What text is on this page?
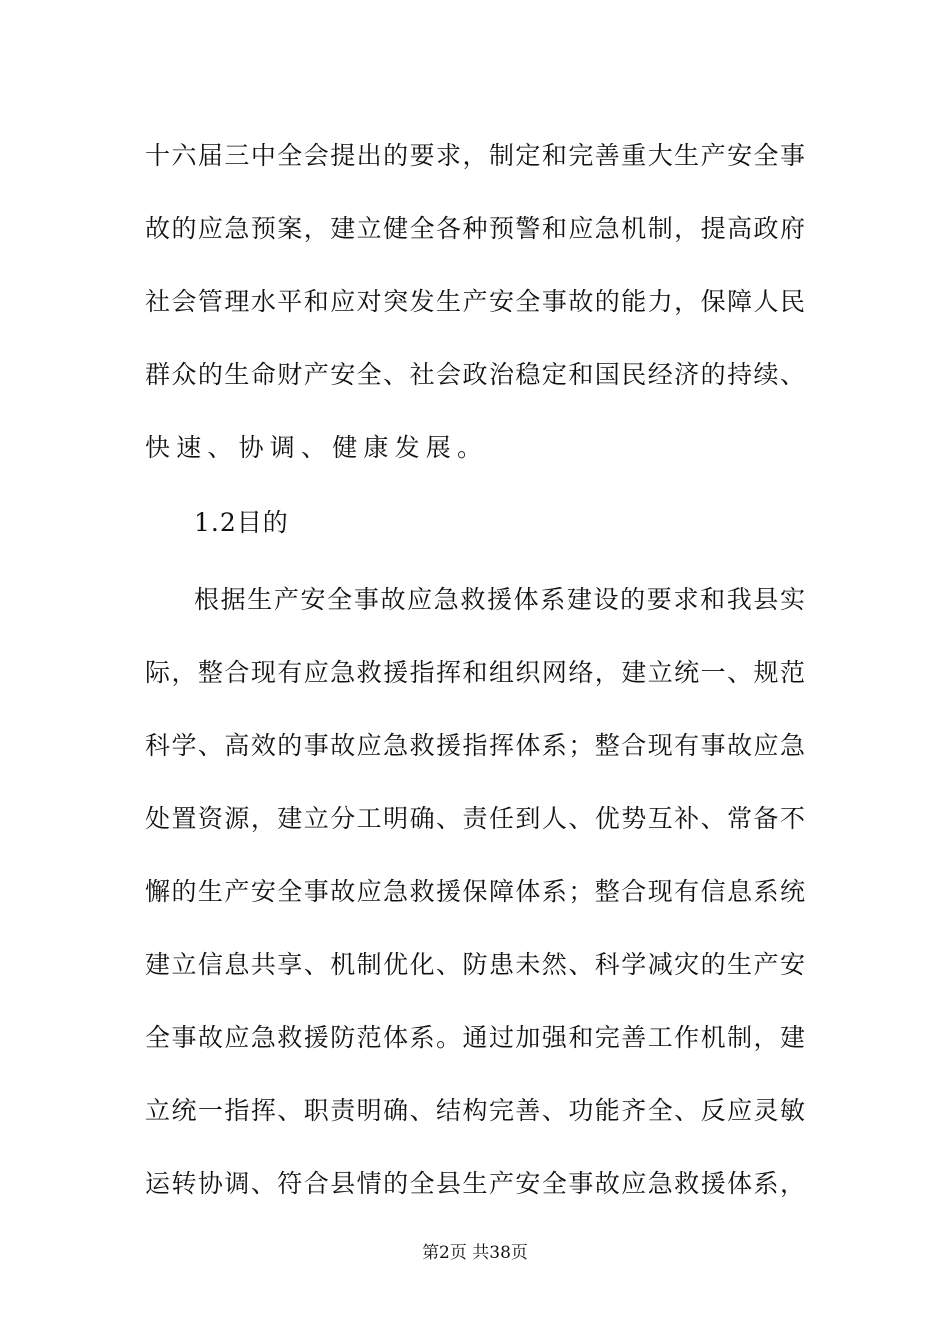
十六届三中全会提出的要求，制定和完善重大生产安全事
故的应急预案，建立健全各种预警和应急机制，提高政府
社会管理水平和应对突发生产安全事故的能力，保障人民
群众的生命财产安全、社会政治稳定和国民经济的持续、
快速、协调、健康发展。
1.2目的
根据生产安全事故应急救援体系建设的要求和我县实
际，整合现有应急救援指挥和组织网络，建立统一、规范
科学、高效的事故应急救援指挥体系；整合现有事故应急
处置资源，建立分工明确、责任到人、优势互补、常备不
懈的生产安全事故应急救援保障体系；整合现有信息系统
建立信息共享、机制优化、防患未然、科学减灾的生产安
全事故应急救援防范体系。通过加强和完善工作机制，建
立统一指挥、职责明确、结构完善、功能齐全、反应灵敏
运转协调、符合县情的全县生产安全事故应急救援体系，
第2页 共38页
